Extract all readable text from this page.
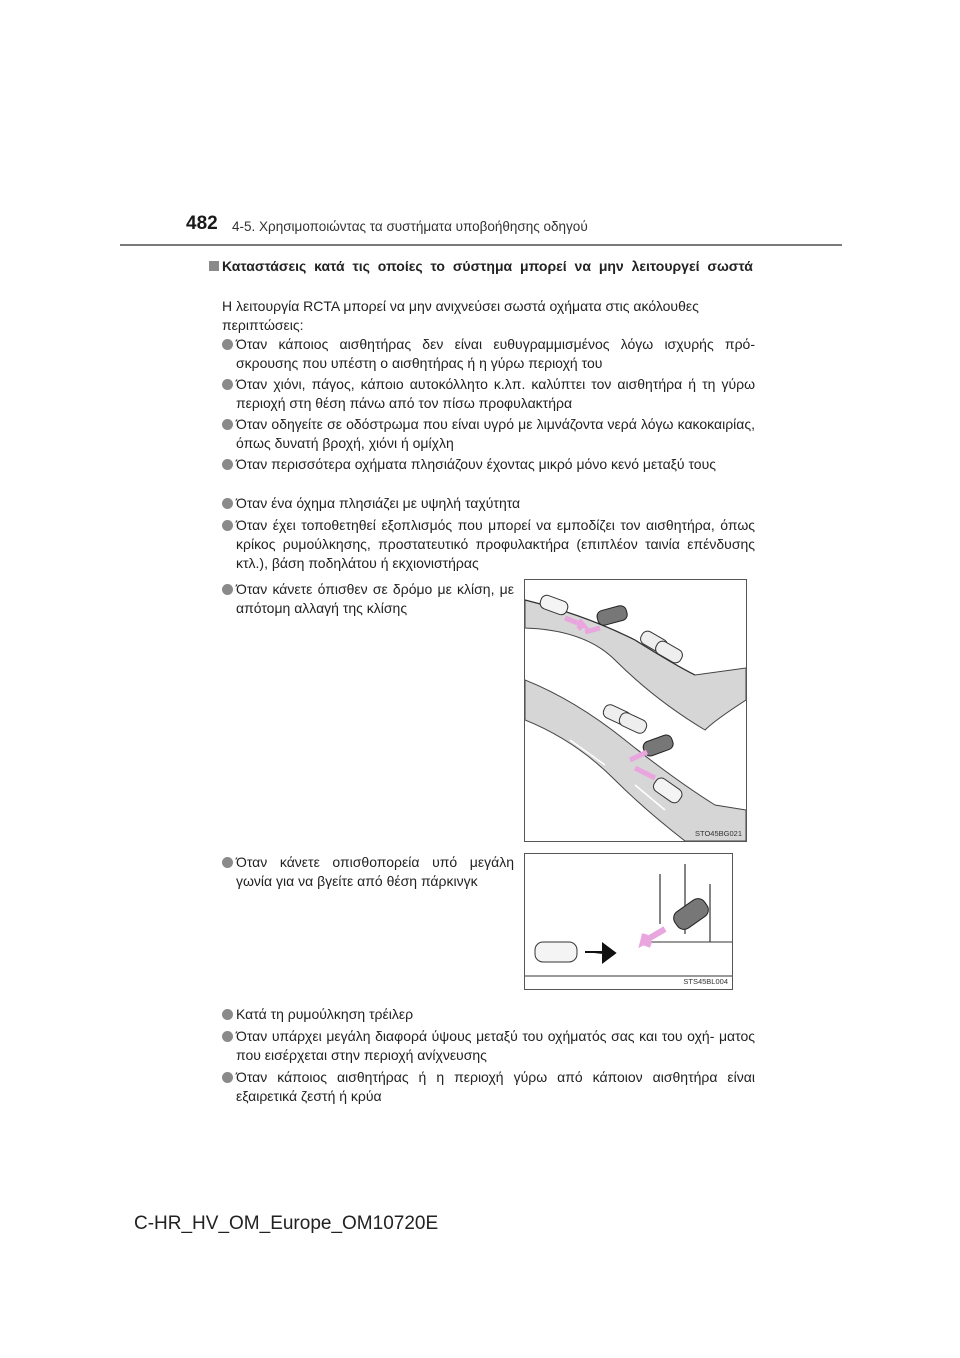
482 4-5. Χρησιμοποιώντας τα συστήματα υποβοήθησης οδηγού
Καταστάσεις κατά τις οποίες το σύστημα μπορεί να μην λειτουργεί σωστά
Η λειτουργία RCTA μπορεί να μην ανιχνεύσει σωστά οχήματα στις ακόλουθες περιπτώσεις:
Όταν κάποιος αισθητήρας δεν είναι ευθυγραμμισμένος λόγω ισχυρής πρό- σκρουσης που υπέστη ο αισθητήρας ή η γύρω περιοχή του
Όταν χιόνι, πάγος, κάποιο αυτοκόλλητο κ.λπ. καλύπτει τον αισθητήρα ή τη γύρω περιοχή στη θέση πάνω από τον πίσω προφυλακτήρα
Όταν οδηγείτε σε οδόστρωμα που είναι υγρό με λιμνάζοντα νερά λόγω κακοκαιρίας, όπως δυνατή βροχή, χιόνι ή ομίχλη
Όταν περισσότερα οχήματα πλησιάζουν έχοντας μικρό μόνο κενό μεταξύ τους
Όταν ένα όχημα πλησιάζει με υψηλή ταχύτητα
Όταν έχει τοποθετηθεί εξοπλισμός που μπορεί να εμποδίζει τον αισθητήρα, όπως κρίκος ρυμούλκησης, προστατευτικό προφυλακτήρα (επιπλέον ταινία επένδυσης κτλ.), βάση ποδηλάτου ή εκχιονιστήρας
Όταν κάνετε όπισθεν σε δρόμο με κλίση, με απότομη αλλαγή της κλίσης
STO45BG021
Όταν κάνετε οπισθοπορεία υπό μεγάλη γωνία για να βγείτε από θέση πάρκινγκ
STS45BL004
Κατά τη ρυμούλκηση τρέιλερ
Όταν υπάρχει μεγάλη διαφορά ύψους μεταξύ του οχήματός σας και του οχή- ματος που εισέρχεται στην περιοχή ανίχνευσης
Όταν κάποιος αισθητήρας ή η περιοχή γύρω από κάποιον αισθητήρα είναι εξαιρετικά ζεστή ή κρύα
C-HR_HV_OM_Europe_OM10720E
